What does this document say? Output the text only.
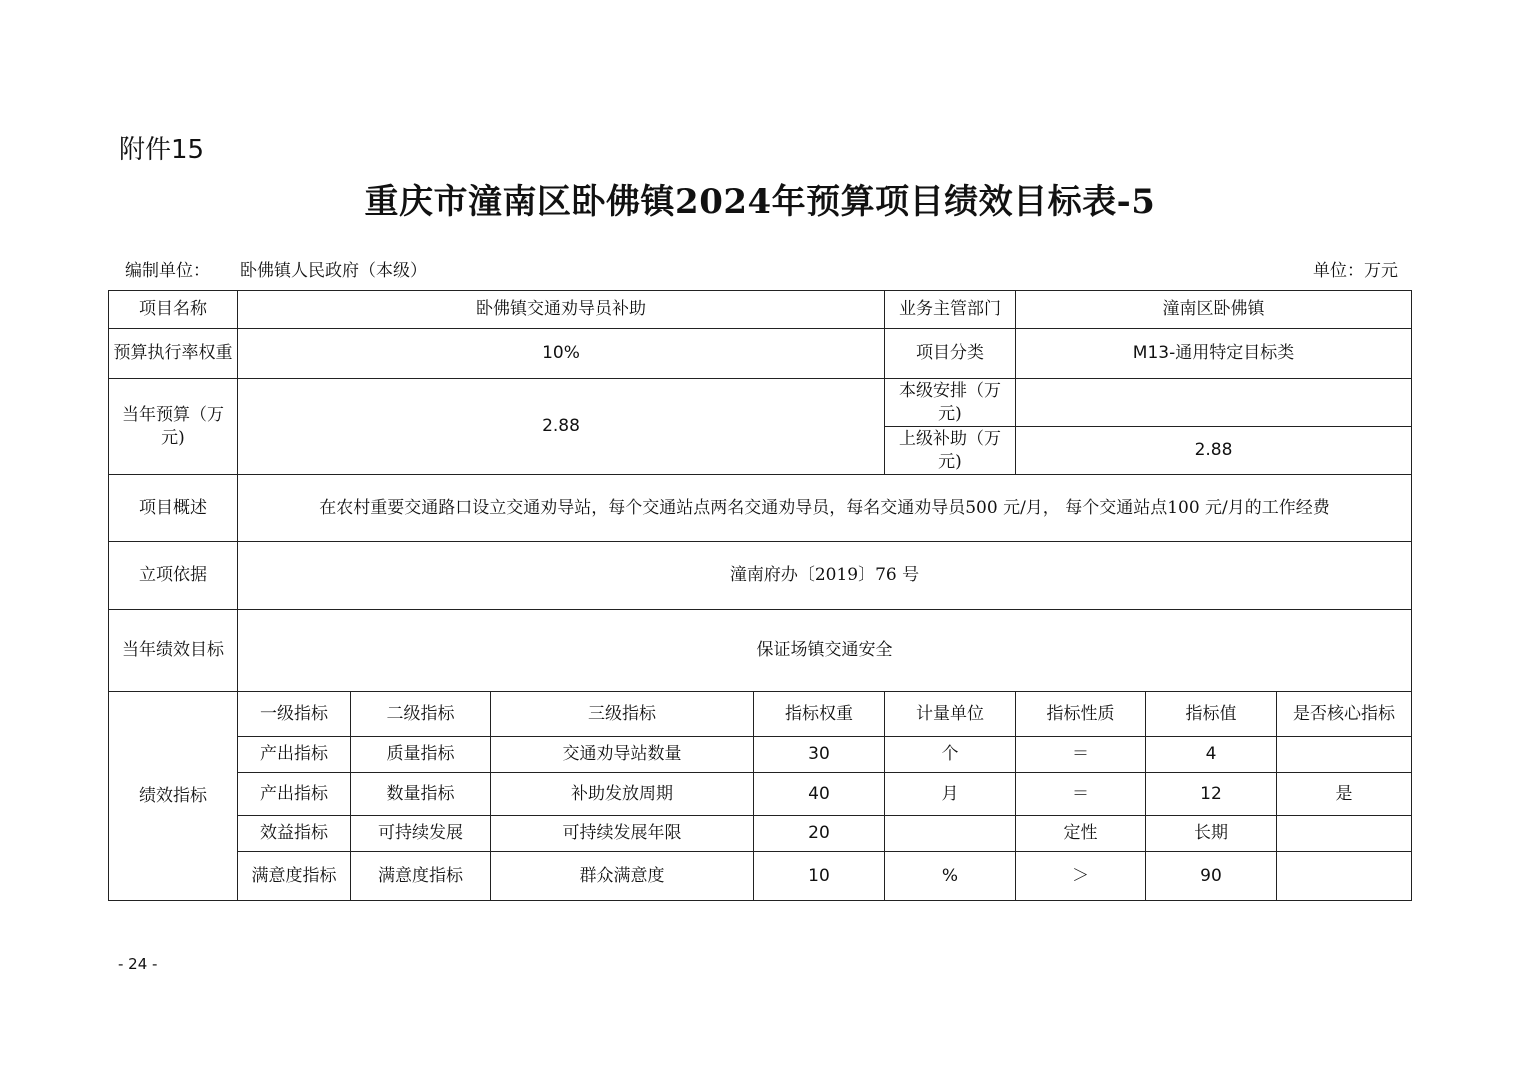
附件15
重庆市潼南区卧佛镇2024年预算项目绩效目标表-5
编制单位： 卧佛镇人民政府（本级）	单位：万元
项目名称	卧佛镇交通劝导员补助				业务主管部门	潼南区卧佛镇		
预算执行率权重	10%				项目分类	M13-通用特定目标类		
当年预算（万元)	2.88				本级安排（万元)			
					上级补助（万元)	2.88		
项目概述	在农村重要交通路口设立交通劝导站，每个交通站点两名交通劝导员，每名交通劝导员500 元/月， 每个交通站点100 元/月的工作经费							
立项依据	潼南府办〔2019〕76 号							
当年绩效目标	保证场镇交通安全							
绩效指标	一级指标	二级指标	三级指标	指标权重	计量单位	指标性质	指标值	是否核心指标
	产出指标	质量指标	交通劝导站数量	30	个	＝	4	
	产出指标	数量指标	补助发放周期	40	月	＝	12	是
	效益指标	可持续发展	可持续发展年限	20		定性	长期	
	满意度指标	满意度指标	群众满意度	10	%	＞	90	
- 24 -
